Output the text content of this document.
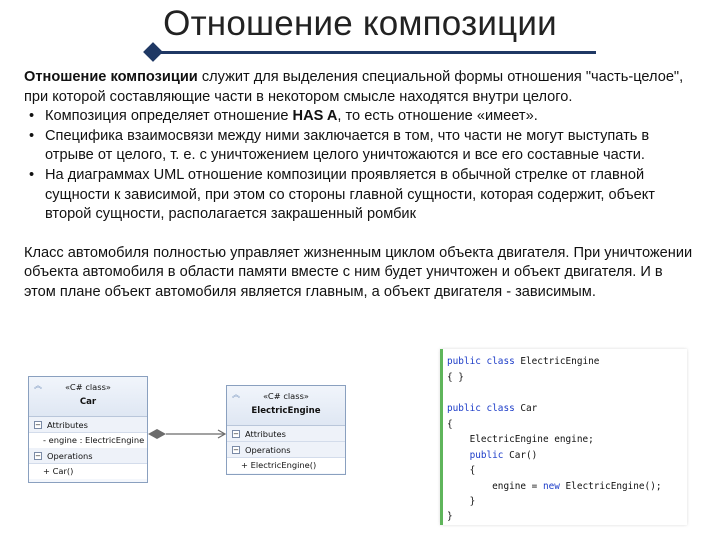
Отношение композиции

Отношение композиции служит для выделения специальной формы отношения "часть-целое", при которой составляющие части в некотором смысле находятся внутри целого.

• Композиция определяет отношение HAS A, то есть отношение «имеет».
• Специфика взаимосвязи между ними заключается в том, что части не могут выступать в отрыве от целого, т. е. с уничтожением целого уничтожаются и все его составные части.
• На диаграммах UML отношение композиции проявляется в обычной стрелке от главной сущности к зависимой, при этом со стороны главной сущности, которая содержит, объект второй сущности, располагается закрашенный ромбик

Класс автомобиля полностью управляет жизненным циклом объекта двигателя. При уничтожении объекта автомобиля в области памяти вместе с ним будет уничтожен и объект двигателя. И в этом плане объект автомобиля является главным, а объект двигателя - зависимым.

︽	«C# class»
Car
− Attributes
- engine : ElectricEngine
− Operations
+ Car()
︽	«C# class»
ElectricEngine
− Attributes
− Operations
+ ElectricEngine()
public class ElectricEngine
{ }
public class Car
{
ElectricEngine engine;
public Car()
{
engine = new ElectricEngine();
}
}
